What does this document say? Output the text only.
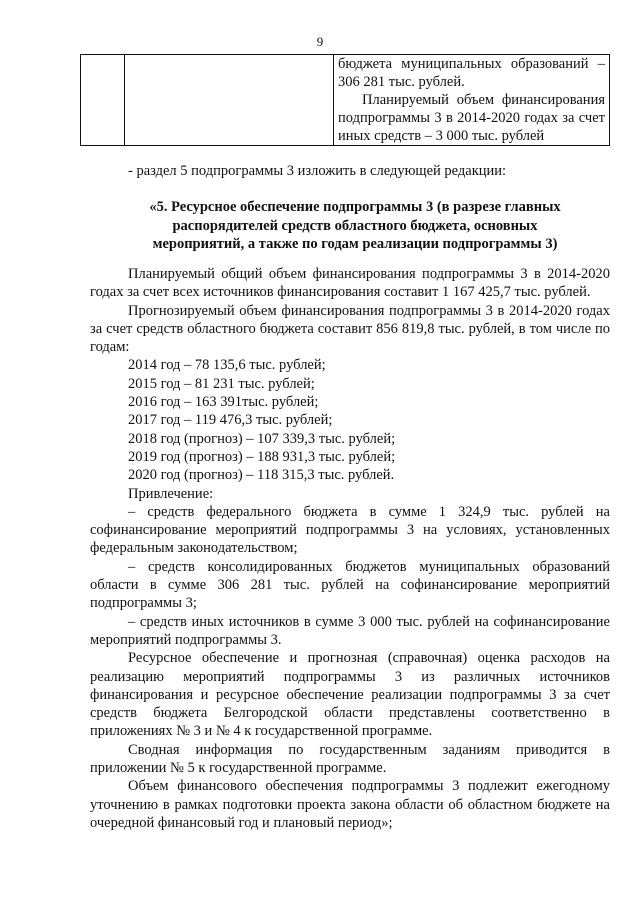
9

бюджета муниципальных образований – 306 281 тыс. рублей.

Планируемый объем финансирования подпрограммы 3 в 2014-2020 годах за счет иных средств – 3 000 тыс. рублей

- раздел 5 подпрограммы 3 изложить в следующей редакции:

«5. Ресурсное обеспечение подпрограммы 3 (в разрезе главных распорядителей средств областного бюджета, основных мероприятий, а также по годам реализации подпрограммы 3)

Планируемый общий объем финансирования подпрограммы 3 в 2014-2020 годах за счет всех источников финансирования составит 1 167 425,7 тыс. рублей.

Прогнозируемый объем финансирования подпрограммы 3 в 2014-2020 годах за счет средств областного бюджета составит 856 819,8 тыс. рублей, в том числе по годам:

2014 год – 78 135,6 тыс. рублей;

2015 год – 81 231 тыс. рублей;

2016 год – 163 391тыс. рублей;

2017 год – 119 476,3 тыс. рублей;

2018 год (прогноз) – 107 339,3 тыс. рублей;

2019 год (прогноз) – 188 931,3 тыс. рублей;

2020 год (прогноз) – 118 315,3 тыс. рублей.

Привлечение:

– средств федерального бюджета в сумме 1 324,9 тыс. рублей на софинансирование мероприятий подпрограммы 3 на условиях, установленных федеральным законодательством;

– средств консолидированных бюджетов муниципальных образований области в сумме 306 281 тыс. рублей на софинансирование мероприятий подпрограммы 3;

– средств иных источников в сумме 3 000 тыс. рублей на софинансирование мероприятий подпрограммы 3.

Ресурсное обеспечение и прогнозная (справочная) оценка расходов на реализацию мероприятий подпрограммы 3 из различных источников финансирования и ресурсное обеспечение реализации подпрограммы 3 за счет средств бюджета Белгородской области представлены соответственно в приложениях № 3 и № 4 к государственной программе.

Сводная информация по государственным заданиям приводится в приложении № 5 к государственной программе.

Объем финансового обеспечения подпрограммы 3 подлежит ежегодному уточнению в рамках подготовки проекта закона области об областном бюджете на очередной финансовый год и плановый период»;
